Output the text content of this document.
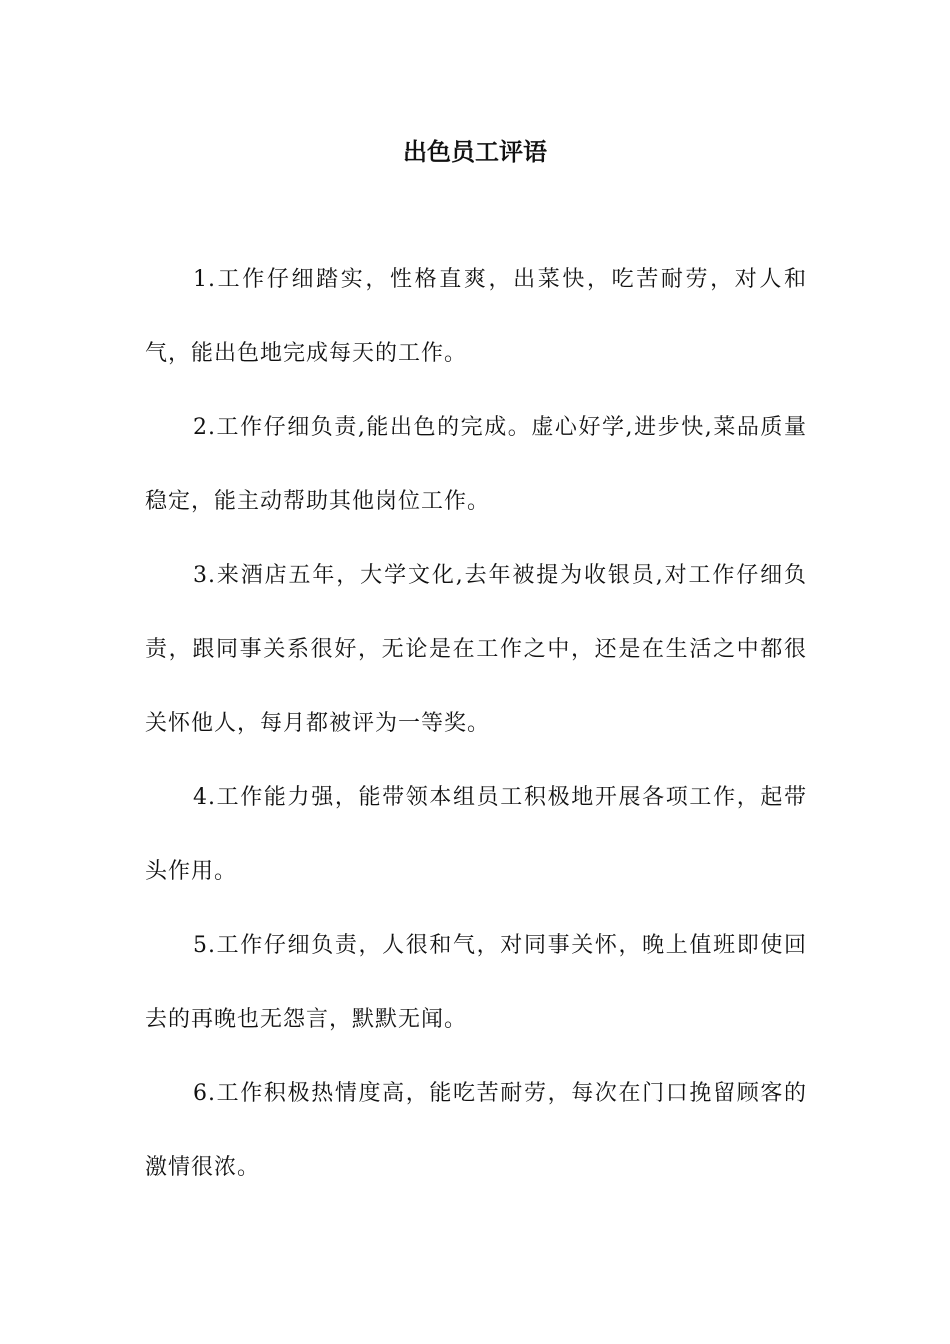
出色员工评语

1.工作仔细踏实，性格直爽，出菜快，吃苦耐劳，对人和气，能出色地完成每天的工作。

2.工作仔细负责,能出色的完成。虚心好学,进步快,菜品质量稳定，能主动帮助其他岗位工作。

3.来酒店五年，大学文化,去年被提为收银员,对工作仔细负责，跟同事关系很好，无论是在工作之中，还是在生活之中都很关怀他人，每月都被评为一等奖。

4.工作能力强，能带领本组员工积极地开展各项工作，起带头作用。

5.工作仔细负责，人很和气，对同事关怀，晚上值班即使回去的再晚也无怨言，默默无闻。

6.工作积极热情度高，能吃苦耐劳，每次在门口挽留顾客的激情很浓。
